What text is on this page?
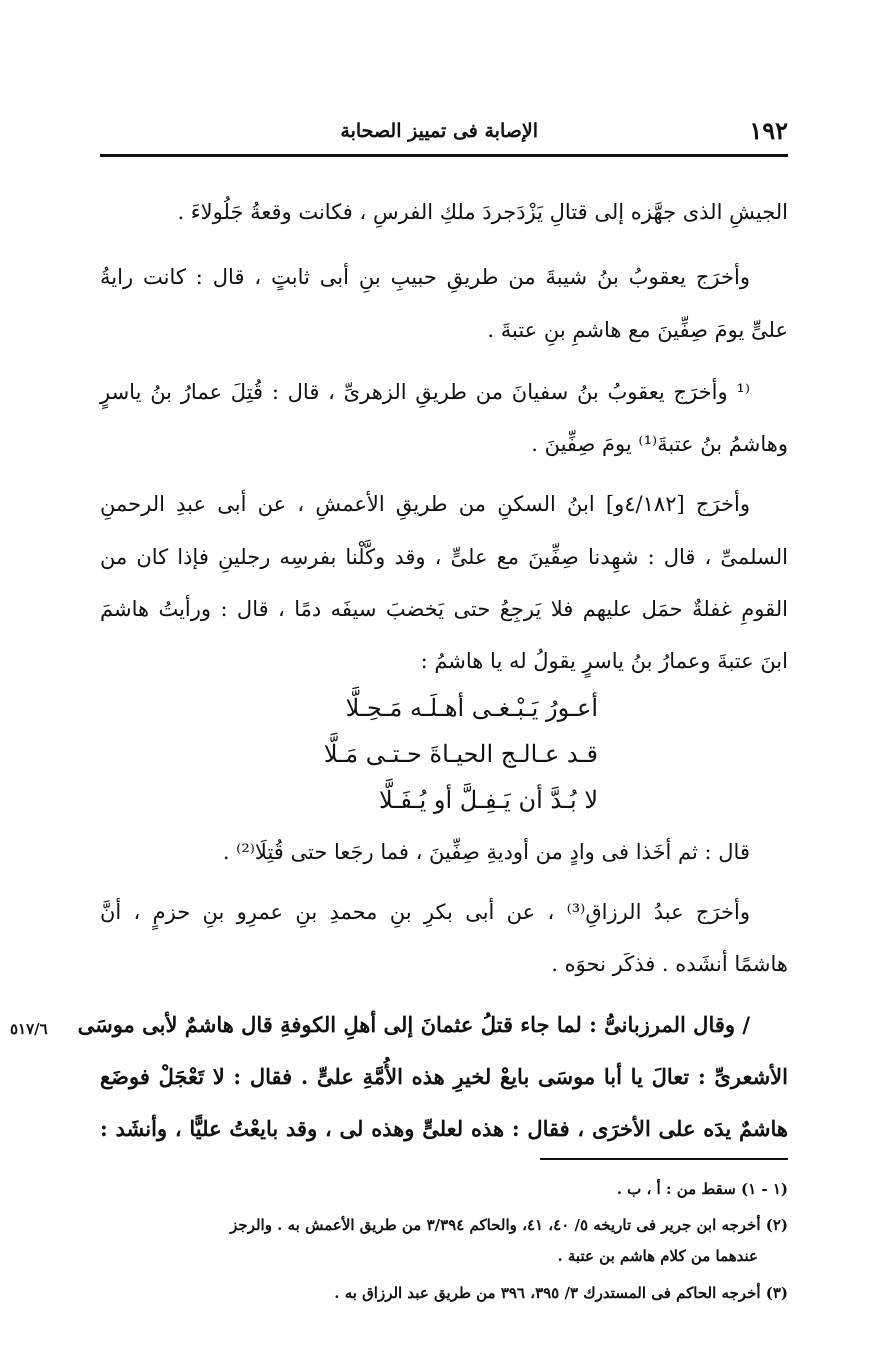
١٩٢
الإصابة فى تمييز الصحابة
الجيشِ الذى جهَّزه إلى قتالِ يَزْدَجردَ ملكِ الفرسِ ، فكانت وقعةُ جَلُولاءَ .
وأخرَج يعقوبُ بنُ شيبةَ من طريقِ حبيبِ بنِ أبى ثابتٍ ، قال : كانت رايةُ
علىٍّ يومَ صِفِّينَ مع هاشمِ بنِ عتبةَ .
⁽¹ وأخرَج يعقوبُ بنُ سفيانَ من طريقِ الزهرىِّ ، قال : قُتِلَ عمارُ بنُ ياسرٍ
وهاشمُ بنُ عتبةَ⁽¹⁾ يومَ صِفِّينَ .
وأخرَج [٤/١٨٢و] ابنُ السكنِ من طريقِ الأعمشِ ، عن أبى عبدِ الرحمنِ
السلمىِّ ، قال : شهِدنا صِفِّينَ مع علىٍّ ، وقد وكَّلْنا بفرسِه رجلينِ فإذا كان من
القومِ غفلةٌ حمَل عليهم فلا يَرجِعُ حتى يَخضبَ سيفَه دمًا ، قال : ورأيتُ هاشمَ
ابنَ عتبةَ وعمارُ بنُ ياسرٍ يقولُ له يا هاشمُ :
أعـورُ يَـبْـغـى أهـلَـه مَـحِـلَّا
قـد عـالـج الحيـاةَ حـتـى مَـلَّا
لا بُـدَّ أن يَـفِـلَّ أو يُـفَـلَّا
قال : ثم أخَذا فى وادٍ من أوديةِ صِفِّينَ ، فما رجَعا حتى قُتِلَا⁽²⁾ .
وأخرَج عبدُ الرزاقِ⁽³⁾ ، عن أبى بكرِ بنِ محمدِ بنِ عمرِو بنِ حزمٍ ، أنَّ
هاشمًا أنشَده . فذكَر نحوَه .
/ وقال المرزبانىُّ : لما جاء قتلُ عثمانَ إلى أهلِ الكوفةِ قال هاشمٌ لأبى موسَى
الأشعرىِّ : تعالَ يا أبا موسَى بايعْ لخيرِ هذه الأُمَّةِ علىٍّ . فقال : لا تَعْجَلْ فوضَع
هاشمٌ يدَه على الأخرَى ، فقال : هذه لعلىٍّ وهذه لى ، وقد بايعْتُ عليًّا ، وأنشَد :
٥١٧/٦
(١ - ١) سقط من : أ ، ب .
(٢) أخرجه ابن جرير فى تاريخه ٥/ ٤٠، ٤١، والحاكم ٣/٣٩٤ من طريق الأعمش به . والرجز
عندهما من كلام هاشم بن عتبة .
(٣) أخرجه الحاكم فى المستدرك ٣/ ٣٩٥، ٣٩٦ من طريق عبد الرزاق به .
